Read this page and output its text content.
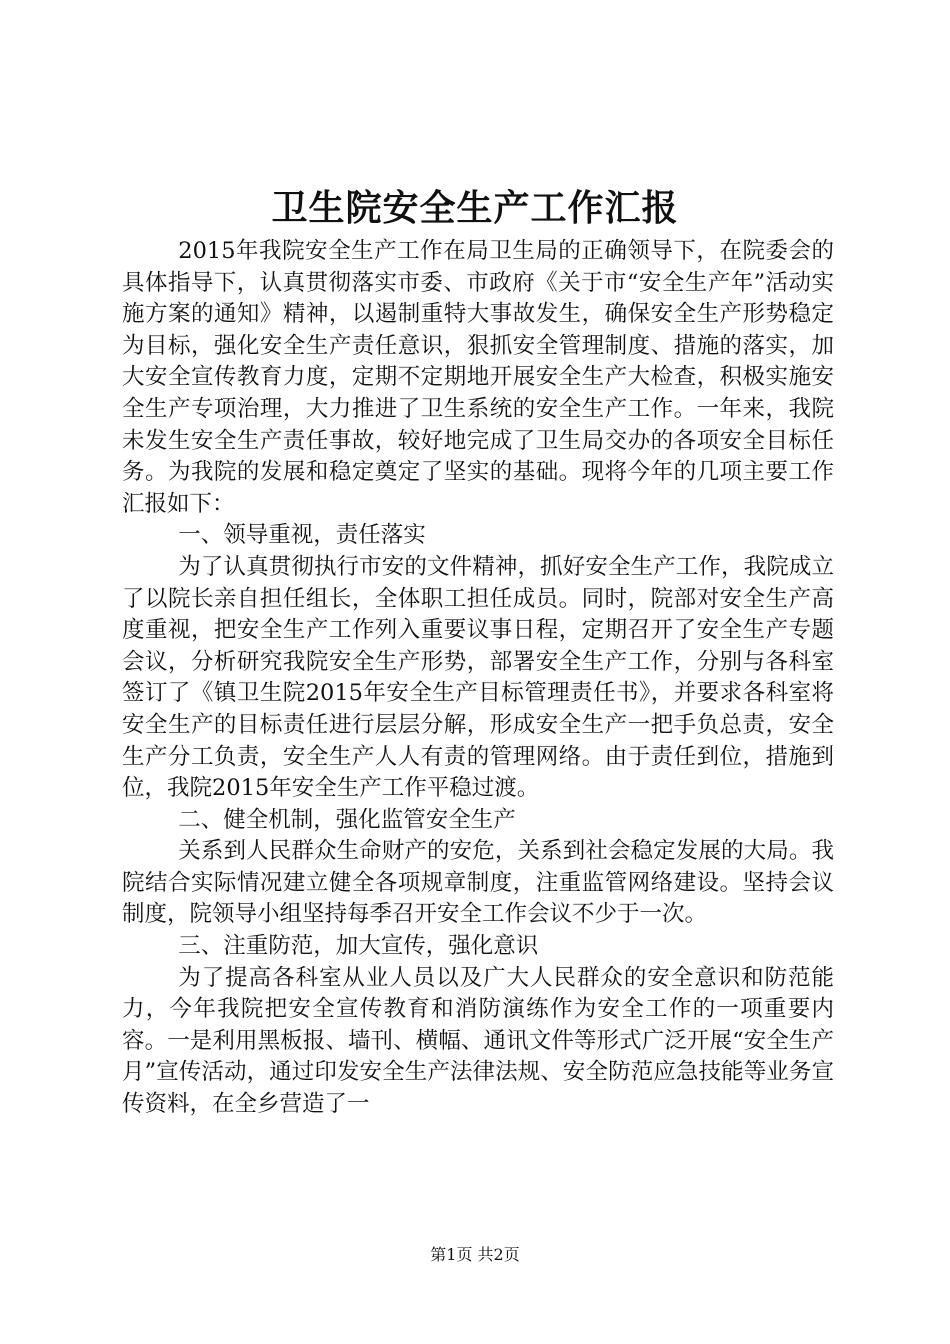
卫生院安全生产工作汇报

2015年我院安全生产工作在局卫生局的正确领导下，在院委会的具体指导下，认真贯彻落实市委、市政府《关于市“安全生产年”活动实施方案的通知》精神，以遏制重特大事故发生，确保安全生产形势稳定为目标，强化安全生产责任意识，狠抓安全管理制度、措施的落实，加大安全宣传教育力度，定期不定期地开展安全生产大检查，积极实施安全生产专项治理，大力推进了卫生系统的安全生产工作。一年来，我院未发生安全生产责任事故，较好地完成了卫生局交办的各项安全目标任务。为我院的发展和稳定奠定了坚实的基础。现将今年的几项主要工作汇报如下：

一、领导重视，责任落实

为了认真贯彻执行市安的文件精神，抓好安全生产工作，我院成立了以院长亲自担任组长，全体职工担任成员。同时，院部对安全生产高度重视，把安全生产工作列入重要议事日程，定期召开了安全生产专题会议，分析研究我院安全生产形势，部署安全生产工作，分别与各科室签订了《镇卫生院2015年安全生产目标管理责任书》，并要求各科室将安全生产的目标责任进行层层分解，形成安全生产一把手负总责，安全生产分工负责，安全生产人人有责的管理网络。由于责任到位，措施到位，我院2015年安全生产工作平稳过渡。

二、健全机制，强化监管安全生产

关系到人民群众生命财产的安危，关系到社会稳定发展的大局。我院结合实际情况建立健全各项规章制度，注重监管网络建设。坚持会议制度，院领导小组坚持每季召开安全工作会议不少于一次。

三、注重防范，加大宣传，强化意识

为了提高各科室从业人员以及广大人民群众的安全意识和防范能力，今年我院把安全宣传教育和消防演练作为安全工作的一项重要内容。一是利用黑板报、墙刊、横幅、通讯文件等形式广泛开展“安全生产月”宣传活动，通过印发安全生产法律法规、安全防范应急技能等业务宣传资料，在全乡营造了一

第1页 共2页
